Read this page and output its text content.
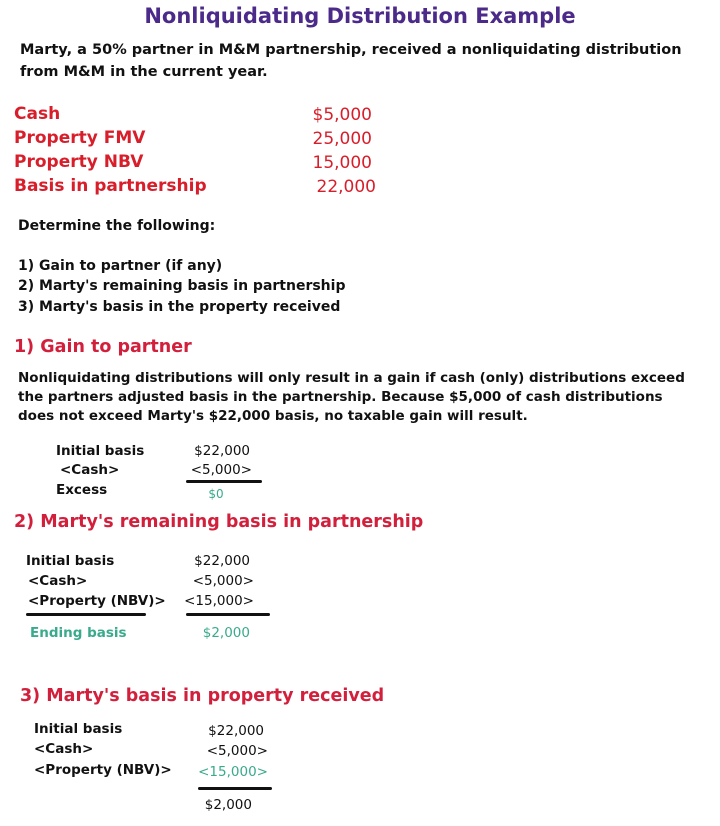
Nonliquidating Distribution Example
Marty, a 50% partner in M&M partnership, received a nonliquidating distribution
from M&M in the current year.
Cash	$5,000
Property FMV	25,000
Property NBV	15,000
Basis in partnership	22,000
Determine the following:
1) Gain to partner (if any)
2) Marty's remaining basis in partnership
3) Marty's basis in the property received
1) Gain to partner
Nonliquidating distributions will only result in a gain if cash (only) distributions exceed
the partners adjusted basis in the partnership. Because $5,000 of cash distributions
does not exceed Marty's $22,000 basis, no taxable gain will result.
Initial basis	$22,000
<Cash>	<5,000>
Excess	$0
2) Marty's remaining basis in partnership
Initial basis	$22,000
<Cash>	<5,000>
<Property (NBV)>	<15,000>
Ending basis	$2,000
3) Marty's basis in property received
Initial basis	$22,000
<Cash>	<5,000>
<Property (NBV)>	<15,000>
$2,000
